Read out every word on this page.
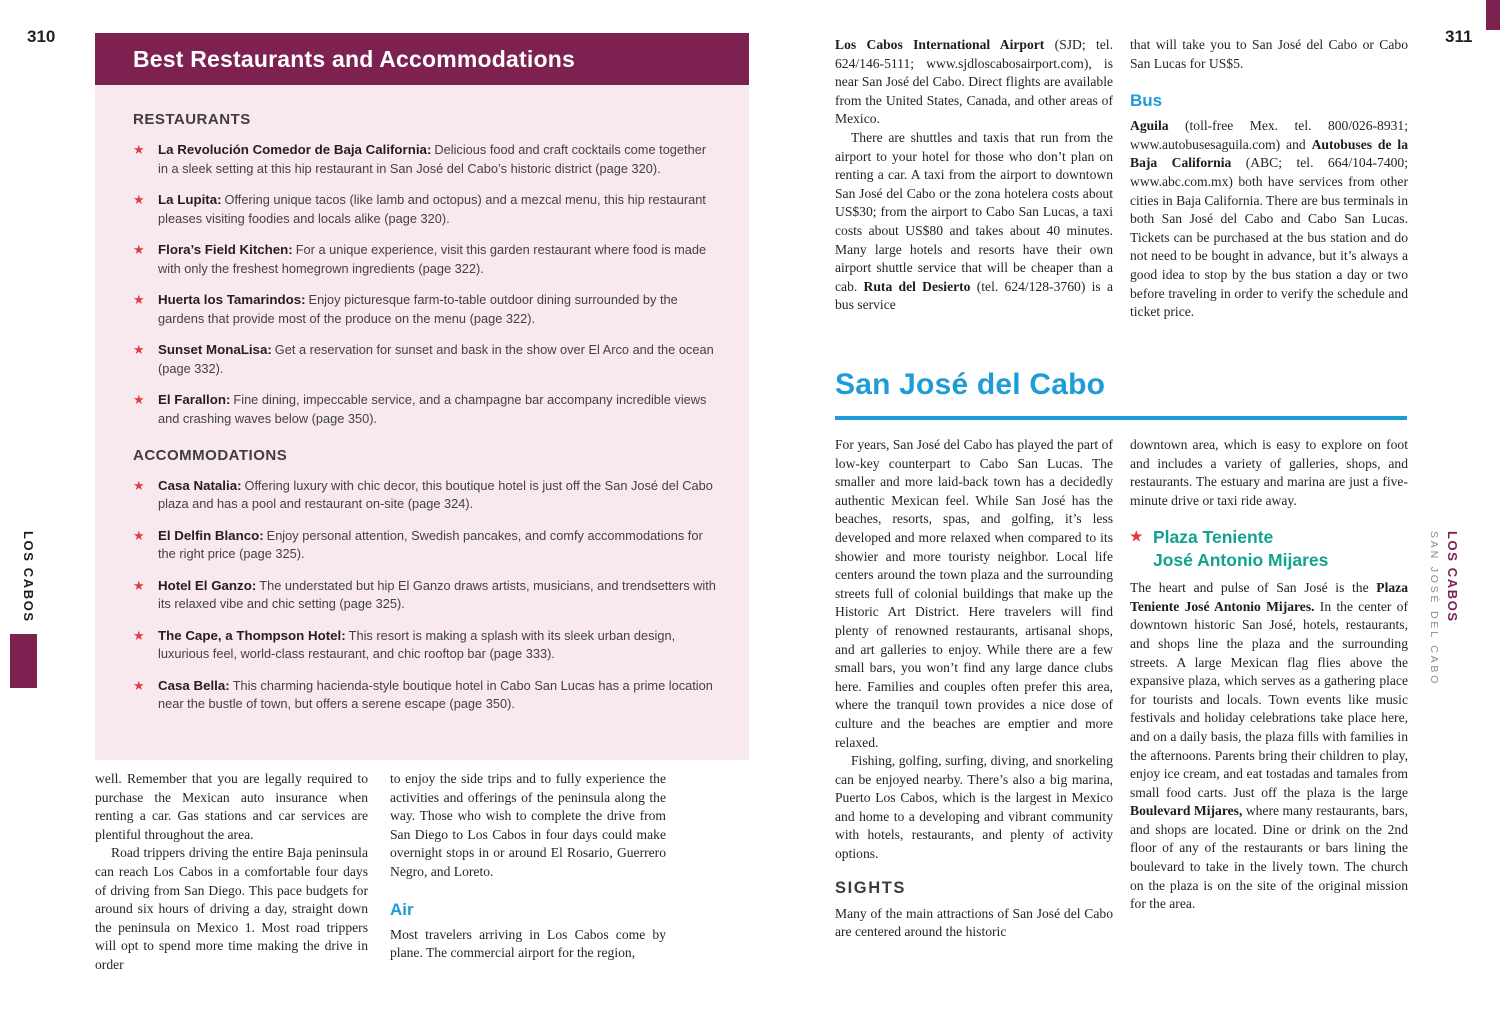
310
Best Restaurants and Accommodations
RESTAURANTS
★ La Revolución Comedor de Baja California: Delicious food and craft cocktails come together in a sleek setting at this hip restaurant in San José del Cabo’s historic district (page 320).
★ La Lupita: Offering unique tacos (like lamb and octopus) and a mezcal menu, this hip restaurant pleases visiting foodies and locals alike (page 320).
★ Flora’s Field Kitchen: For a unique experience, visit this garden restaurant where food is made with only the freshest homegrown ingredients (page 322).
★ Huerta los Tamarindos: Enjoy picturesque farm-to-table outdoor dining surrounded by the gardens that provide most of the produce on the menu (page 322).
★ Sunset MonaLisa: Get a reservation for sunset and bask in the show over El Arco and the ocean (page 332).
★ El Farallon: Fine dining, impeccable service, and a champagne bar accompany incredible views and crashing waves below (page 350).
ACCOMMODATIONS
★ Casa Natalia: Offering luxury with chic decor, this boutique hotel is just off the San José del Cabo plaza and has a pool and restaurant on-site (page 324).
★ El Delfin Blanco: Enjoy personal attention, Swedish pancakes, and comfy accommodations for the right price (page 325).
★ Hotel El Ganzo: The understated but hip El Ganzo draws artists, musicians, and trendsetters with its relaxed vibe and chic setting (page 325).
★ The Cape, a Thompson Hotel: This resort is making a splash with its sleek urban design, luxurious feel, world-class restaurant, and chic rooftop bar (page 333).
★ Casa Bella: This charming hacienda-style boutique hotel in Cabo San Lucas has a prime location near the bustle of town, but offers a serene escape (page 350).

well. Remember that you are legally required to purchase the Mexican auto insurance when renting a car. Gas stations and car services are plentiful throughout the area.

Road trippers driving the entire Baja peninsula can reach Los Cabos in a comfortable four days of driving from San Diego. This pace budgets for around six hours of driving a day, straight down the peninsula on Mexico 1. Most road trippers will opt to spend more time making the drive in order

to enjoy the side trips and to fully experience the activities and offerings of the peninsula along the way. Those who wish to complete the drive from San Diego to Los Cabos in four days could make overnight stops in or around El Rosario, Guerrero Negro, and Loreto.

Air

Most travelers arriving in Los Cabos come by plane. The commercial airport for the region,

311

Los Cabos International Airport (SJD; tel. 624/146-5111; www.sjdloscabosairport.com), is near San José del Cabo. Direct flights are available from the United States, Canada, and other areas of Mexico.

There are shuttles and taxis that run from the airport to your hotel for those who don’t plan on renting a car. A taxi from the airport to downtown San José del Cabo or the zona hotelera costs about US$30; from the airport to Cabo San Lucas, a taxi costs about US$80 and takes about 40 minutes. Many large hotels and resorts have their own airport shuttle service that will be cheaper than a cab. Ruta del Desierto (tel. 624/128-3760) is a bus service

that will take you to San José del Cabo or Cabo San Lucas for US$5.

Bus

Aguila (toll-free Mex. tel. 800/026-8931; www.autobusesaguila.com) and Autobuses de la Baja California (ABC; tel. 664/104-7400; www.abc.com.mx) both have services from other cities in Baja California. There are bus terminals in both San José del Cabo and Cabo San Lucas. Tickets can be purchased at the bus station and do not need to be bought in advance, but it’s always a good idea to stop by the bus station a day or two before traveling in order to verify the schedule and ticket price.

San José del Cabo

For years, San José del Cabo has played the part of low-key counterpart to Cabo San Lucas. The smaller and more laid-back town has a decidedly authentic Mexican feel. While San José has the beaches, resorts, spas, and golfing, it’s less developed and more relaxed when compared to its showier and more touristy neighbor. Local life centers around the town plaza and the surrounding streets full of colonial buildings that make up the Historic Art District. Here travelers will find plenty of renowned restaurants, artisanal shops, and art galleries to enjoy. While there are a few small bars, you won’t find any large dance clubs here. Families and couples often prefer this area, where the tranquil town provides a nice dose of culture and the beaches are emptier and more relaxed.

Fishing, golfing, surfing, diving, and snorkeling can be enjoyed nearby. There’s also a big marina, Puerto Los Cabos, which is the largest in Mexico and home to a developing and vibrant community with hotels, restaurants, and plenty of activity options.

SIGHTS

Many of the main attractions of San José del Cabo are centered around the historic

downtown area, which is easy to explore on foot and includes a variety of galleries, shops, and restaurants. The estuary and marina are just a five-minute drive or taxi ride away.

★ Plaza Teniente
José Antonio Mijares

The heart and pulse of San José is the Plaza Teniente José Antonio Mijares. In the center of downtown historic San José, hotels, restaurants, and shops line the plaza and the surrounding streets. A large Mexican flag flies above the expansive plaza, which serves as a gathering place for tourists and locals. Town events like music festivals and holiday celebrations take place here, and on a daily basis, the plaza fills with families in the afternoons. Parents bring their children to play, enjoy ice cream, and eat tostadas and tamales from small food carts. Just off the plaza is the large Boulevard Mijares, where many restaurants, bars, and shops are located. Dine or drink on the 2nd floor of any of the restaurants or bars lining the boulevard to take in the lively town. The church on the plaza is on the site of the original mission for the area.

LOS CABOS	LOS CABOS
SAN JOSÉ DEL CABO
